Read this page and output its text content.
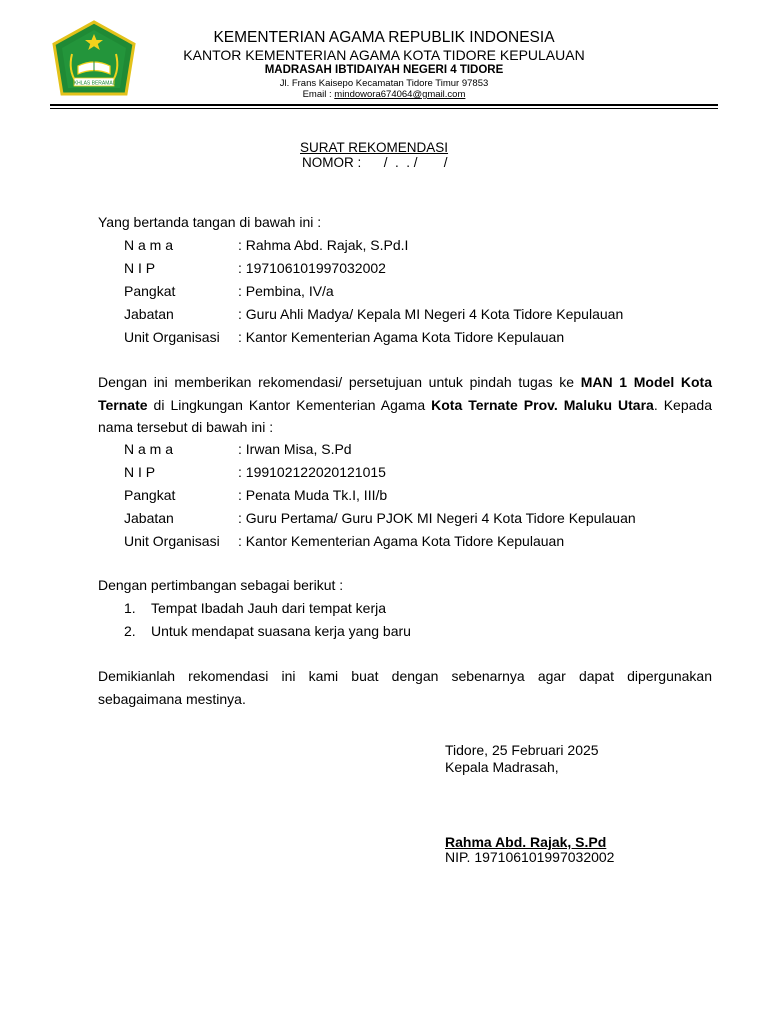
IKHLAS BERAMAL
KEMENTERIAN AGAMA REPUBLIK INDONESIA
KANTOR KEMENTERIAN AGAMA KOTA TIDORE KEPULAUAN
MADRASAH IBTIDAIYAH NEGERI 4 TIDORE
Jl. Frans Kaisepo Kecamatan Tidore Timur 97853
Email : mindowora674064@gmail.com
SURAT REKOMENDASI
NOMOR :      /  .  . /       /
Yang bertanda tangan di bawah ini :
N a m a	: Rahma Abd. Rajak, S.Pd.I
N I P	: 197106101997032002
Pangkat	: Pembina, IV/a
Jabatan	: Guru Ahli Madya/ Kepala MI Negeri 4 Kota Tidore Kepulauan
Unit Organisasi : Kantor Kementerian Agama Kota Tidore Kepulauan
Dengan ini memberikan rekomendasi/ persetujuan untuk pindah tugas ke MAN 1 Model Kota Ternate di Lingkungan Kantor Kementerian Agama Kota Ternate Prov. Maluku Utara. Kepada nama tersebut di bawah ini :
N a m a	: Irwan Misa, S.Pd
N I P	: 199102122020121015
Pangkat	: Penata Muda Tk.I, III/b
Jabatan	: Guru Pertama/ Guru PJOK MI Negeri 4 Kota Tidore Kepulauan
Unit Organisasi : Kantor Kementerian Agama Kota Tidore Kepulauan
Dengan pertimbangan sebagai berikut :
1. Tempat Ibadah Jauh dari tempat kerja
2. Untuk mendapat suasana kerja yang baru
Demikianlah rekomendasi ini kami buat dengan sebenarnya agar dapat dipergunakan sebagaimana mestinya.
Tidore, 25 Februari 2025
Kepala Madrasah,
Rahma Abd. Rajak, S.Pd
NIP. 197106101997032002
